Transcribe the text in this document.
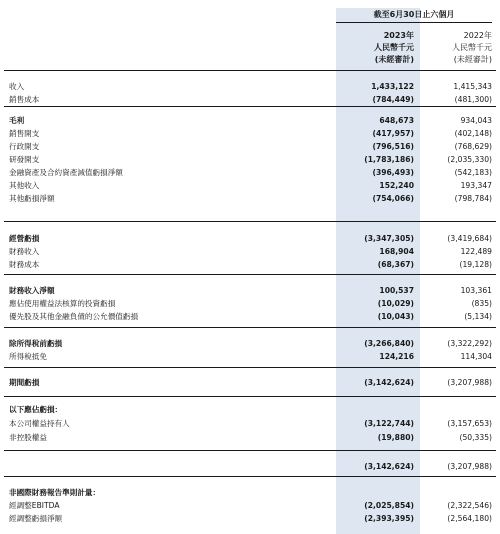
截至6月30日止六個月
2023年
人民幣千元
(未經審計)
2022年
人民幣千元
(未經審計)
收入	1,433,122	1,415,343
銷售成本	(784,449)	(481,300)
毛利	648,673	934,043
銷售開支	(417,957)	(402,148)
行政開支	(796,516)	(768,629)
研發開支	(1,783,186)	(2,035,330)
金融資產及合約資產減值虧損淨額	(396,493)	(542,183)
其他收入	152,240	193,347
其他虧損淨額	(754,066)	(798,784)
經營虧損	(3,347,305)	(3,419,684)
財務收入	168,904	122,489
財務成本	(68,367)	(19,128)
財務收入淨額	100,537	103,361
應佔使用權益法核算的投資虧損	(10,029)	(835)
優先股及其他金融負債的公允價值虧損	(10,043)	(5,134)
除所得稅前虧損	(3,266,840)	(3,322,292)
所得稅抵免	124,216	114,304
期間虧損	(3,142,624)	(3,207,988)
以下應佔虧損：
本公司權益持有人	(3,122,744)	(3,157,653)
非控股權益	(19,880)	(50,335)
(3,142,624)	(3,207,988)
非國際財務報告準則計量：
經調整EBITDA	(2,025,854)	(2,322,546)
經調整虧損淨額	(2,393,395)	(2,564,180)
